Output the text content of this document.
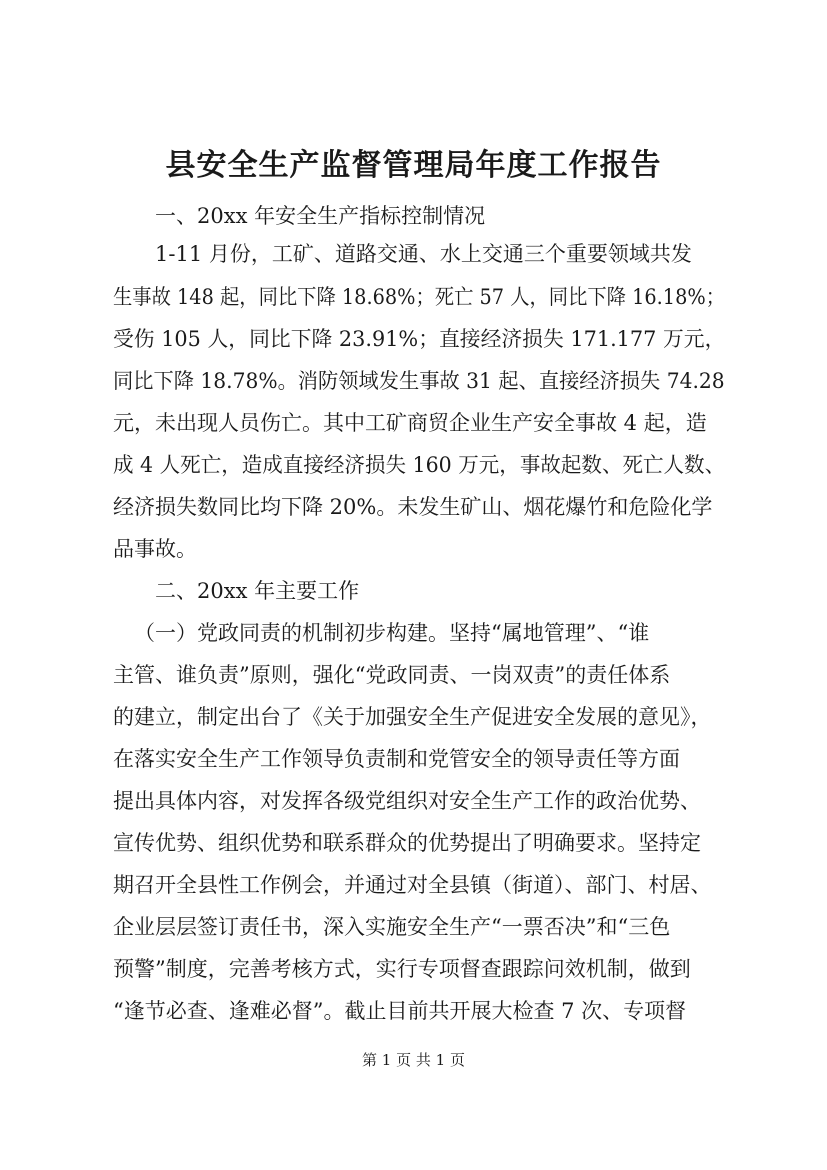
县安全生产监督管理局年度工作报告

一、20xx 年安全生产指标控制情况

1-11 月份，工矿、道路交通、水上交通三个重要领域共发

生事故 148 起，同比下降 18.68%；死亡 57 人，同比下降 16.18%；

受伤 105 人，同比下降 23.91%；直接经济损失 171.177 万元，

同比下降 18.78%。消防领域发生事故 31 起、直接经济损失 74.28

元，未出现人员伤亡。其中工矿商贸企业生产安全事故 4 起，造

成 4 人死亡，造成直接经济损失 160 万元，事故起数、死亡人数、

经济损失数同比均下降 20%。未发生矿山、烟花爆竹和危险化学

品事故。

二、20xx 年主要工作

（一）党政同责的机制初步构建。坚持“属地管理”、“谁

主管、谁负责”原则，强化“党政同责、一岗双责”的责任体系

的建立，制定出台了《关于加强安全生产促进安全发展的意见》，

在落实安全生产工作领导负责制和党管安全的领导责任等方面

提出具体内容，对发挥各级党组织对安全生产工作的政治优势、

宣传优势、组织优势和联系群众的优势提出了明确要求。坚持定

期召开全县性工作例会，并通过对全县镇（街道）、部门、村居、

企业层层签订责任书，深入实施安全生产“一票否决”和“三色

预警”制度，完善考核方式，实行专项督查跟踪问效机制，做到

“逢节必查、逢难必督”。截止目前共开展大检查 7 次、专项督

第 1 页 共 1 页
